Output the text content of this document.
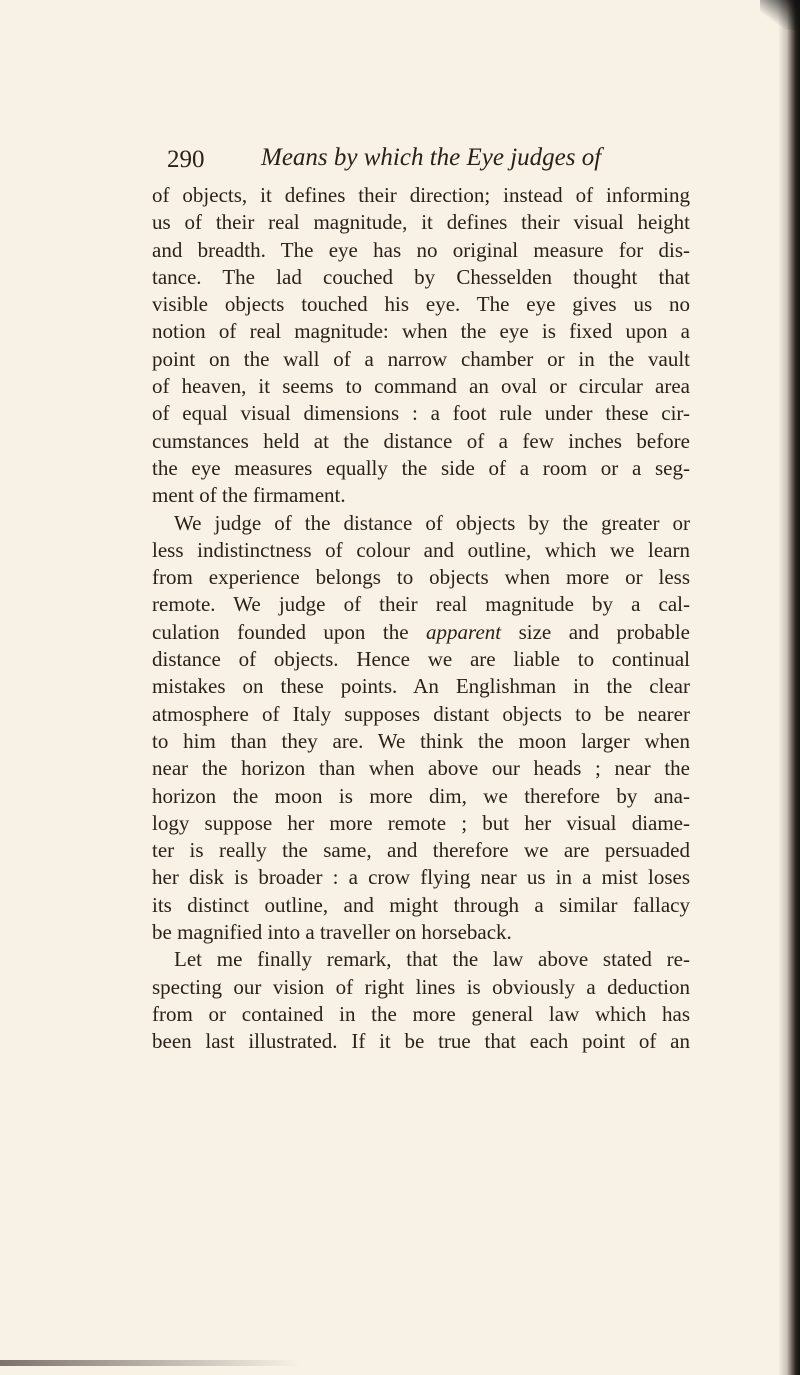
290 Means by which the Eye judges of
of objects, it defines their direction; instead of informing
us of their real magnitude, it defines their visual height
and breadth. The eye has no original measure for dis-
tance. The lad couched by Chesselden thought that
visible objects touched his eye. The eye gives us no
notion of real magnitude: when the eye is fixed upon a
point on the wall of a narrow chamber or in the vault
of heaven, it seems to command an oval or circular area
of equal visual dimensions : a foot rule under these cir-
cumstances held at the distance of a few inches before
the eye measures equally the side of a room or a seg-
ment of the firmament.
We judge of the distance of objects by the greater or
less indistinctness of colour and outline, which we learn
from experience belongs to objects when more or less
remote. We judge of their real magnitude by a cal-
culation founded upon the apparent size and probable
distance of objects. Hence we are liable to continual
mistakes on these points. An Englishman in the clear
atmosphere of Italy supposes distant objects to be nearer
to him than they are. We think the moon larger when
near the horizon than when above our heads ; near the
horizon the moon is more dim, we therefore by ana-
logy suppose her more remote ; but her visual diame-
ter is really the same, and therefore we are persuaded
her disk is broader : a crow flying near us in a mist loses
its distinct outline, and might through a similar fallacy
be magnified into a traveller on horseback.
Let me finally remark, that the law above stated re-
specting our vision of right lines is obviously a deduction
from or contained in the more general law which has
been last illustrated. If it be true that each point of an
